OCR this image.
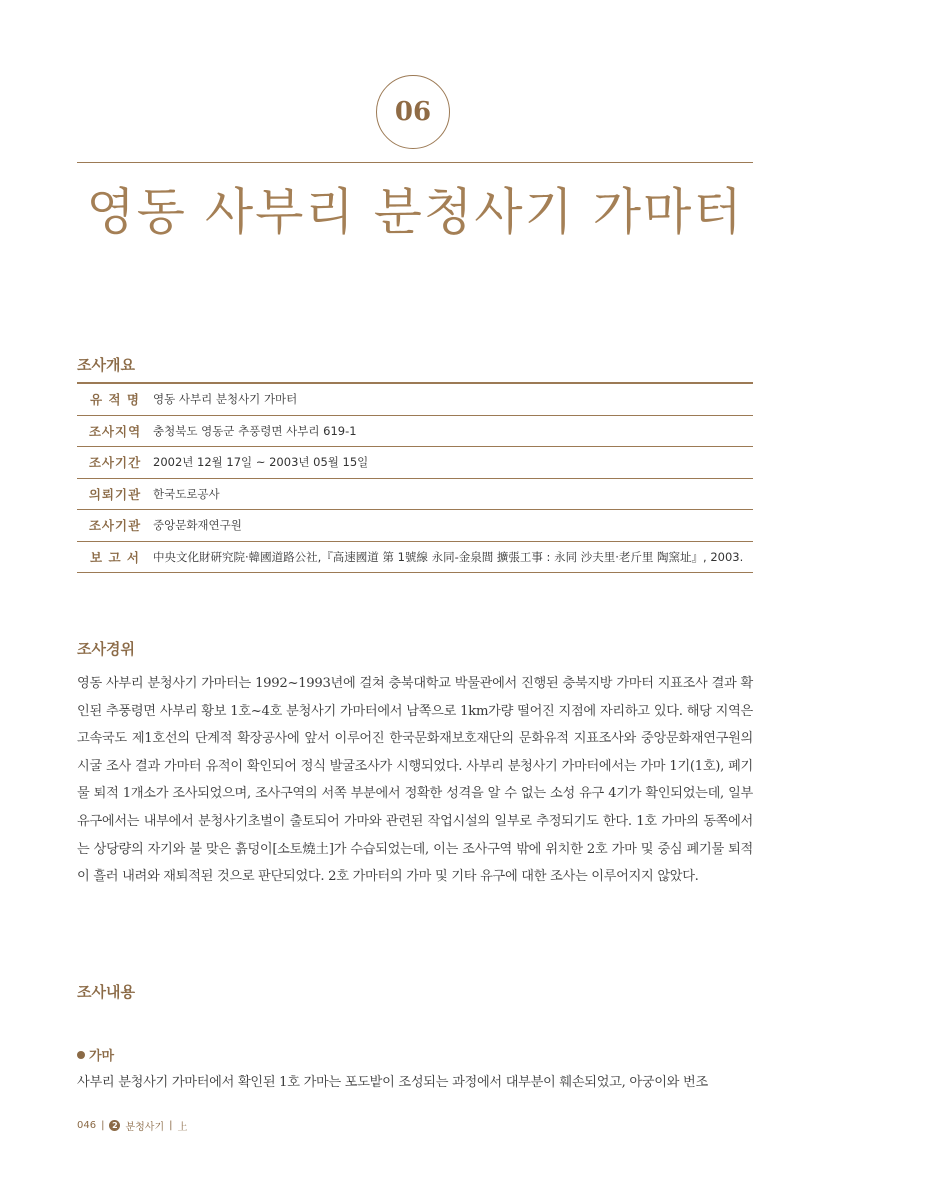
06
영동 사부리 분청사기 가마터
조사개요
유 적 명	영동 사부리 분청사기 가마터
조사지역	충청북도 영동군 추풍령면 사부리 619-1
조사기간	2002년 12월 17일 ~ 2003년 05월 15일
의뢰기관	한국도로공사
조사기관	중앙문화재연구원
보 고 서	中央文化財硏究院·韓國道路公社,『高速國道 第 1號線 永同-金泉間 擴張工事 : 永同 沙夫里·老斤里 陶窯址』, 2003.
조사경위

영동 사부리 분청사기 가마터는 1992~1993년에 걸쳐 충북대학교 박물관에서 진행된 충북지방 가마터 지표조사 결과 확인된 추풍령면 사부리 황보 1호~4호 분청사기 가마터에서 남쪽으로 1km가량 떨어진 지점에 자리하고 있다. 해당 지역은 고속국도 제1호선의 단계적 확장공사에 앞서 이루어진 한국문화재보호재단의 문화유적 지표조사와 중앙문화재연구원의 시굴 조사 결과 가마터 유적이 확인되어 정식 발굴조사가 시행되었다. 사부리 분청사기 가마터에서는 가마 1기(1호), 폐기물 퇴적 1개소가 조사되었으며, 조사구역의 서쪽 부분에서 정확한 성격을 알 수 없는 소성 유구 4기가 확인되었는데, 일부 유구에서는 내부에서 분청사기초벌이 출토되어 가마와 관련된 작업시설의 일부로 추정되기도 한다. 1호 가마의 동쪽에서는 상당량의 자기와 불 맞은 흙덩이[소토燒土]가 수습되었는데, 이는 조사구역 밖에 위치한 2호 가마 및 중심 폐기물 퇴적이 흘러 내려와 재퇴적된 것으로 판단되었다. 2호 가마터의 가마 및 기타 유구에 대한 조사는 이루어지지 않았다.

조사내용
가마

사부리 분청사기 가마터에서 확인된 1호 가마는 포도밭이 조성되는 과정에서 대부분이 훼손되었고, 아궁이와 번조

046 | 2 분청사기 | 上
